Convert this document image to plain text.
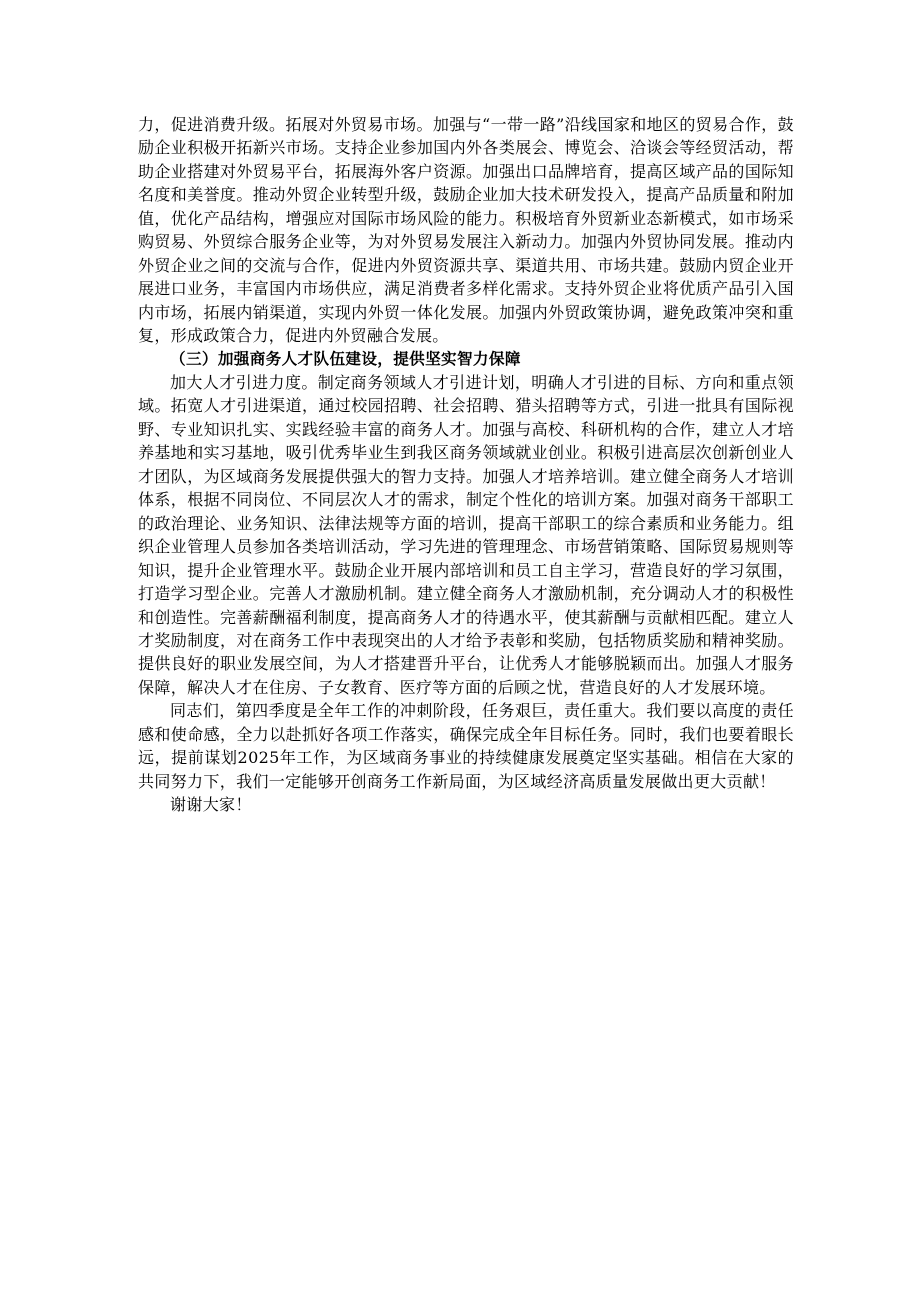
力，促进消费升级。拓展对外贸易市场。加强与“一带一路”沿线国家和地区的贸易合作，鼓励企业积极开拓新兴市场。支持企业参加国内外各类展会、博览会、洽谈会等经贸活动，帮助企业搭建对外贸易平台，拓展海外客户资源。加强出口品牌培育，提高区域产品的国际知名度和美誉度。推动外贸企业转型升级，鼓励企业加大技术研发投入，提高产品质量和附加值，优化产品结构，增强应对国际市场风险的能力。积极培育外贸新业态新模式，如市场采购贸易、外贸综合服务企业等，为对外贸易发展注入新动力。加强内外贸协同发展。推动内外贸企业之间的交流与合作，促进内外贸资源共享、渠道共用、市场共建。鼓励内贸企业开展进口业务，丰富国内市场供应，满足消费者多样化需求。支持外贸企业将优质产品引入国内市场，拓展内销渠道，实现内外贸一体化发展。加强内外贸政策协调，避免政策冲突和重复，形成政策合力，促进内外贸融合发展。

（三）加强商务人才队伍建设，提供坚实智力保障

加大人才引进力度。制定商务领域人才引进计划，明确人才引进的目标、方向和重点领域。拓宽人才引进渠道，通过校园招聘、社会招聘、猎头招聘等方式，引进一批具有国际视野、专业知识扎实、实践经验丰富的商务人才。加强与高校、科研机构的合作，建立人才培养基地和实习基地，吸引优秀毕业生到我区商务领域就业创业。积极引进高层次创新创业人才团队，为区域商务发展提供强大的智力支持。加强人才培养培训。建立健全商务人才培训体系，根据不同岗位、不同层次人才的需求，制定个性化的培训方案。加强对商务干部职工的政治理论、业务知识、法律法规等方面的培训，提高干部职工的综合素质和业务能力。组织企业管理人员参加各类培训活动，学习先进的管理理念、市场营销策略、国际贸易规则等知识，提升企业管理水平。鼓励企业开展内部培训和员工自主学习，营造良好的学习氛围，打造学习型企业。完善人才激励机制。建立健全商务人才激励机制，充分调动人才的积极性和创造性。完善薪酬福利制度，提高商务人才的待遇水平，使其薪酬与贡献相匹配。建立人才奖励制度，对在商务工作中表现突出的人才给予表彰和奖励，包括物质奖励和精神奖励。提供良好的职业发展空间，为人才搭建晋升平台，让优秀人才能够脱颖而出。加强人才服务保障，解决人才在住房、子女教育、医疗等方面的后顾之忧，营造良好的人才发展环境。

同志们，第四季度是全年工作的冲刺阶段，任务艰巨，责任重大。我们要以高度的责任感和使命感，全力以赴抓好各项工作落实，确保完成全年目标任务。同时，我们也要着眼长远，提前谋划2025年工作，为区域商务事业的持续健康发展奠定坚实基础。相信在大家的共同努力下，我们一定能够开创商务工作新局面，为区域经济高质量发展做出更大贡献！

谢谢大家！
